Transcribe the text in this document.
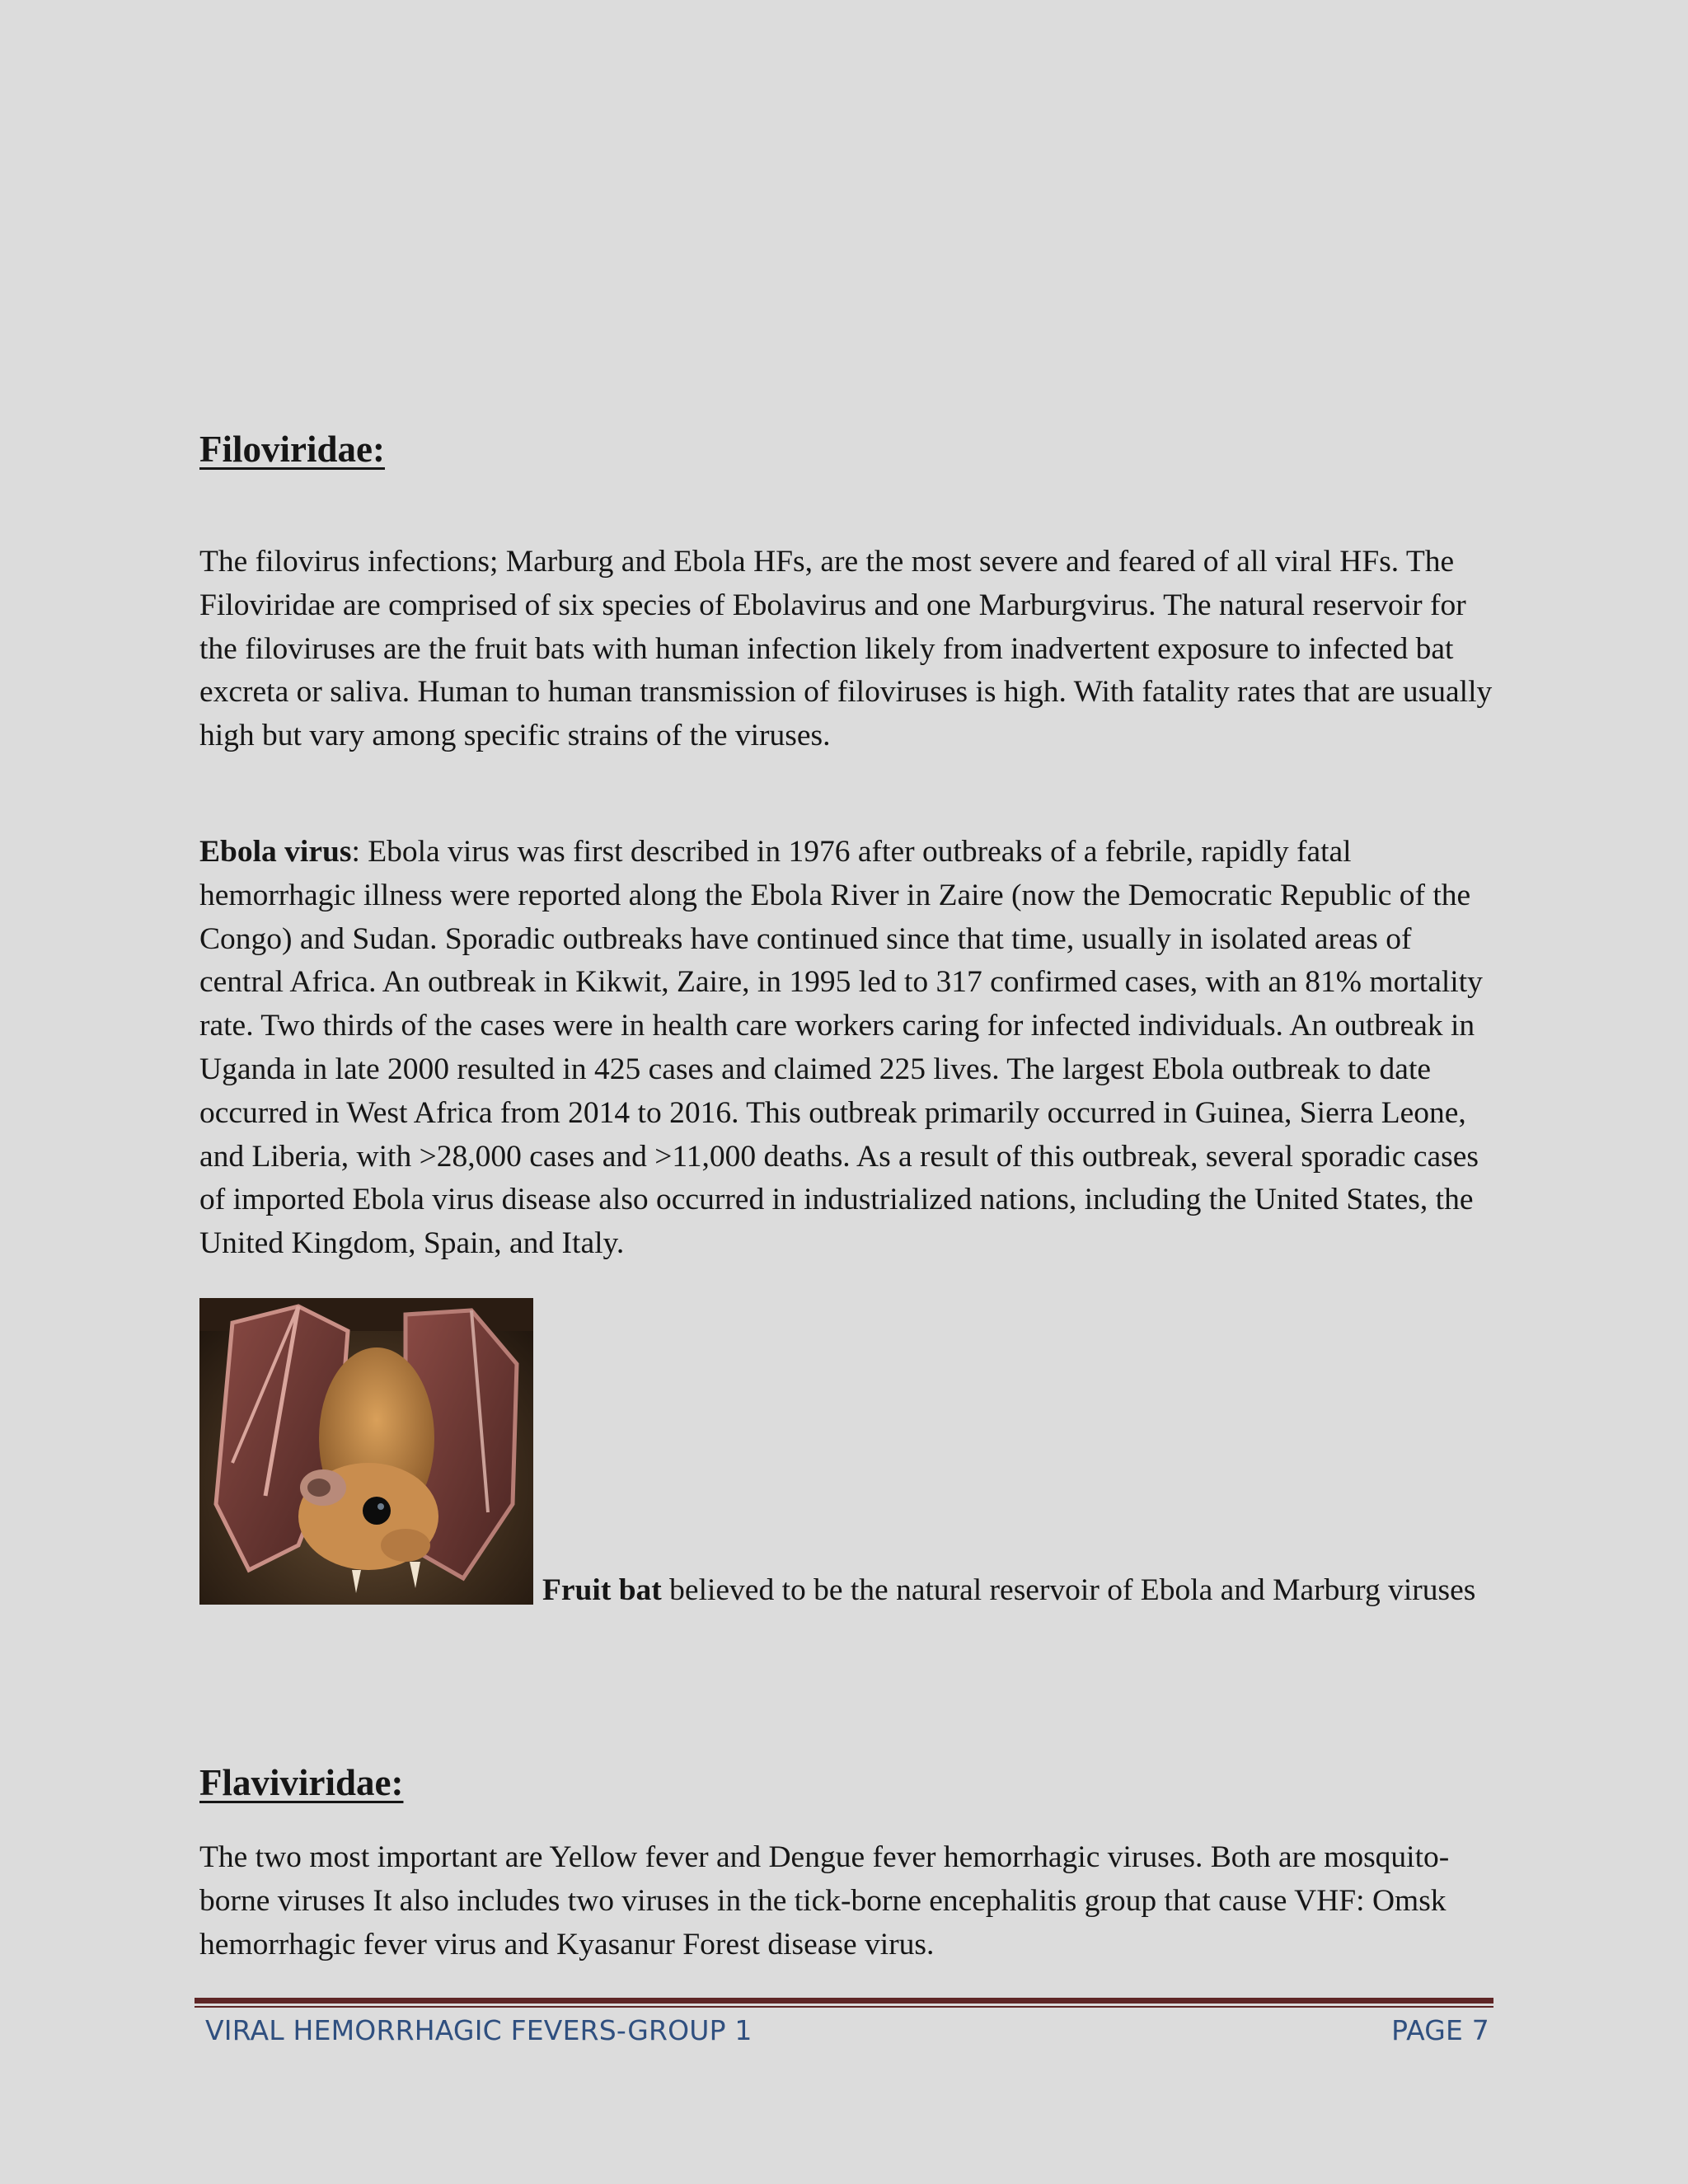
Filoviridae:

The filovirus infections; Marburg and Ebola HFs, are the most severe and feared of all viral HFs. The Filoviridae are comprised of six species of Ebolavirus and one Marburgvirus. The natural reservoir for the filoviruses are the fruit bats with human infection likely from inadvertent exposure to infected bat excreta or saliva. Human to human transmission of filoviruses is high. With fatality rates that are usually high but vary among specific strains of the viruses.

Ebola virus: Ebola virus was first described in 1976 after outbreaks of a febrile, rapidly fatal hemorrhagic illness were reported along the Ebola River in Zaire (now the Democratic Republic of the Congo) and Sudan. Sporadic outbreaks have continued since that time, usually in isolated areas of central Africa. An outbreak in Kikwit, Zaire, in 1995 led to 317 confirmed cases, with an 81% mortality rate. Two thirds of the cases were in health care workers caring for infected individuals. An outbreak in Uganda in late 2000 resulted in 425 cases and claimed 225 lives. The largest Ebola outbreak to date occurred in West Africa from 2014 to 2016. This outbreak primarily occurred in Guinea, Sierra Leone, and Liberia, with >28,000 cases and >11,000 deaths. As a result of this outbreak, several sporadic cases of imported Ebola virus disease also occurred in industrialized nations, including the United States, the United Kingdom, Spain, and Italy.

Fruit bat believed to be the natural reservoir of Ebola and Marburg viruses

Flaviviridae:

The two most important are Yellow fever and Dengue fever hemorrhagic viruses. Both are mosquito-borne viruses It also includes two viruses in the tick-borne encephalitis group that cause VHF: Omsk hemorrhagic fever virus and Kyasanur Forest disease virus.

VIRAL HEMORRHAGIC FEVERS-GROUP 1	PAGE 7
